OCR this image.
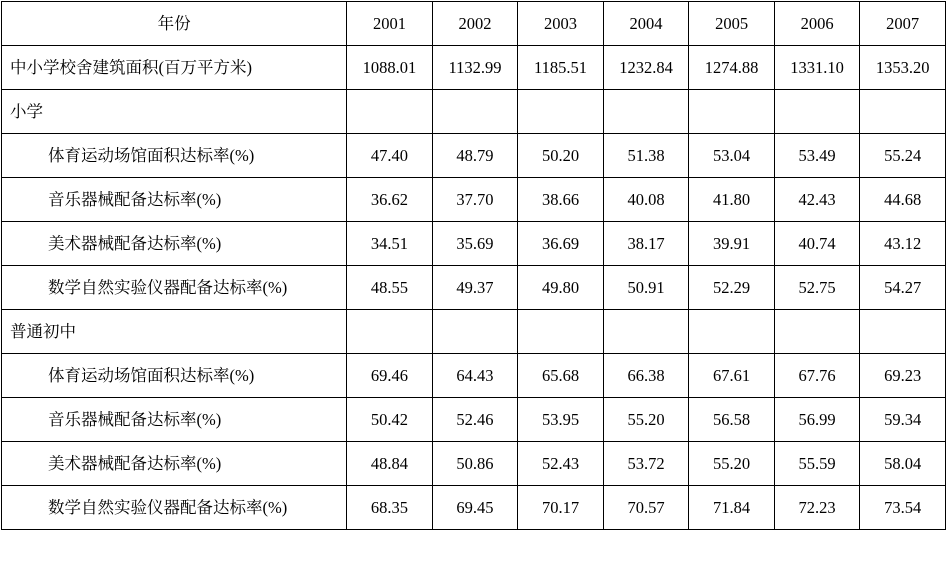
年份	2001	2002	2003	2004	2005	2006	2007
中小学校舍建筑面积(百万平方米)	1088.01	1132.99	1185.51	1232.84	1274.88	1331.10	1353.20
小学							
体育运动场馆面积达标率(%)	47.40	48.79	50.20	51.38	53.04	53.49	55.24
音乐器械配备达标率(%)	36.62	37.70	38.66	40.08	41.80	42.43	44.68
美术器械配备达标率(%)	34.51	35.69	36.69	38.17	39.91	40.74	43.12
数学自然实验仪器配备达标率(%)	48.55	49.37	49.80	50.91	52.29	52.75	54.27
普通初中							
体育运动场馆面积达标率(%)	69.46	64.43	65.68	66.38	67.61	67.76	69.23
音乐器械配备达标率(%)	50.42	52.46	53.95	55.20	56.58	56.99	59.34
美术器械配备达标率(%)	48.84	50.86	52.43	53.72	55.20	55.59	58.04
数学自然实验仪器配备达标率(%)	68.35	69.45	70.17	70.57	71.84	72.23	73.54
